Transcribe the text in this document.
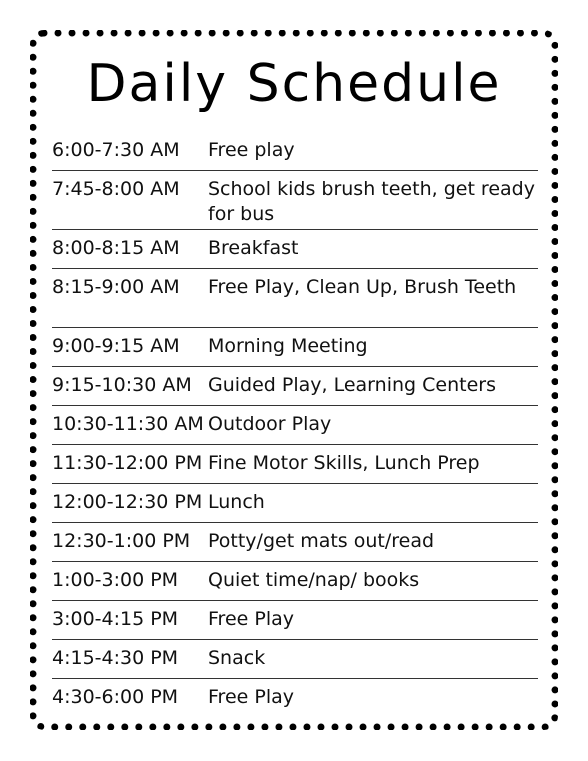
Daily Schedule
6:00-7:30 AM	Free play
7:45-8:00 AM	School kids brush teeth, get ready for bus
8:00-8:15 AM	Breakfast
8:15-9:00 AM	Free Play, Clean Up, Brush Teeth
9:00-9:15 AM	Morning Meeting
9:15-10:30 AM Guided Play, Learning Centers
10:30-11:30 AM Outdoor Play
11:30-12:00 PM Fine Motor Skills, Lunch Prep
12:00-12:30 PM Lunch
12:30-1:00 PM Potty/get mats out/read
1:00-3:00 PM	Quiet time/nap/ books
3:00-4:15 PM	Free Play
4:15-4:30 PM	Snack
4:30-6:00 PM	Free Play
